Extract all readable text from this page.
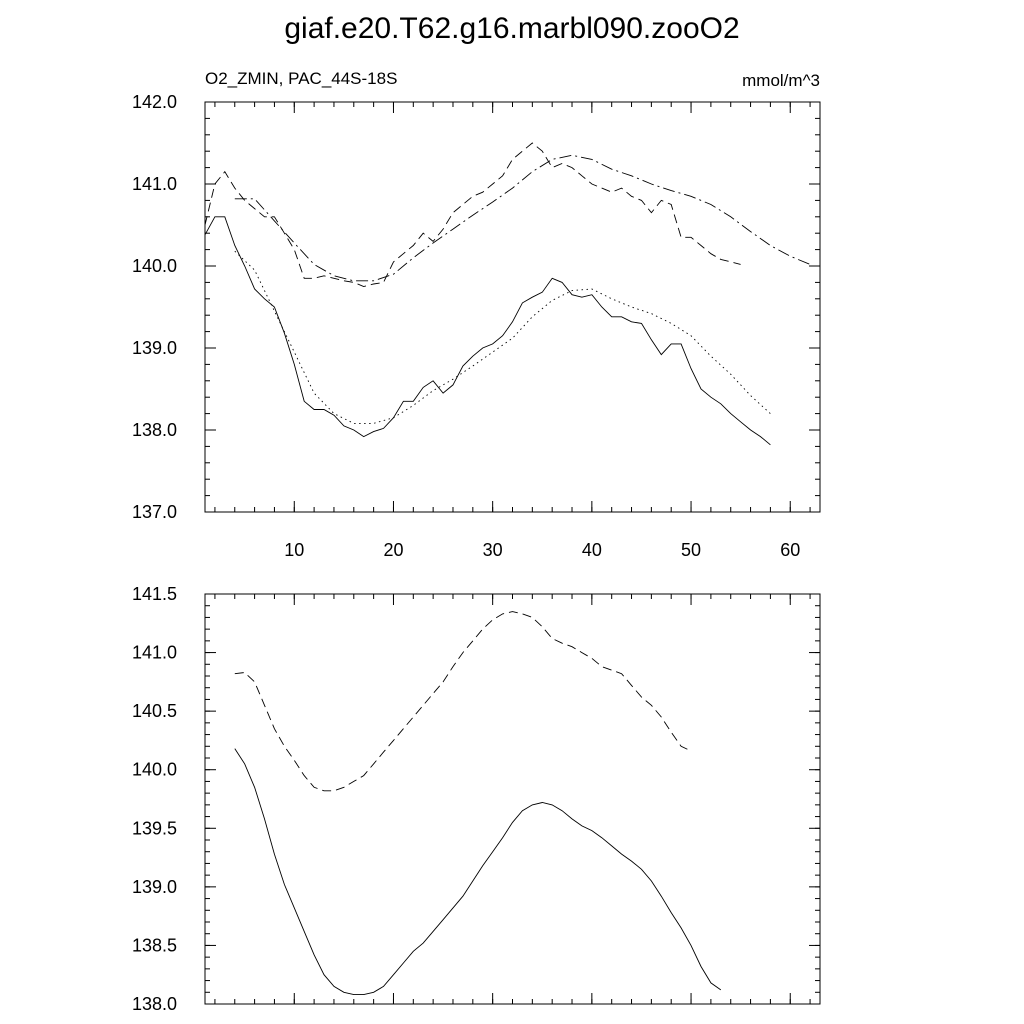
giaf.e20.T62.g16.marbl090.zooO2
O2_ZMIN, PAC_44S-18S	mmol/m^3
10	20	30	40	50	60
137.0
138.0
139.0
140.0
141.0
142.0
138.0
138.5
139.0
139.5
140.0
140.5
141.0
141.5
